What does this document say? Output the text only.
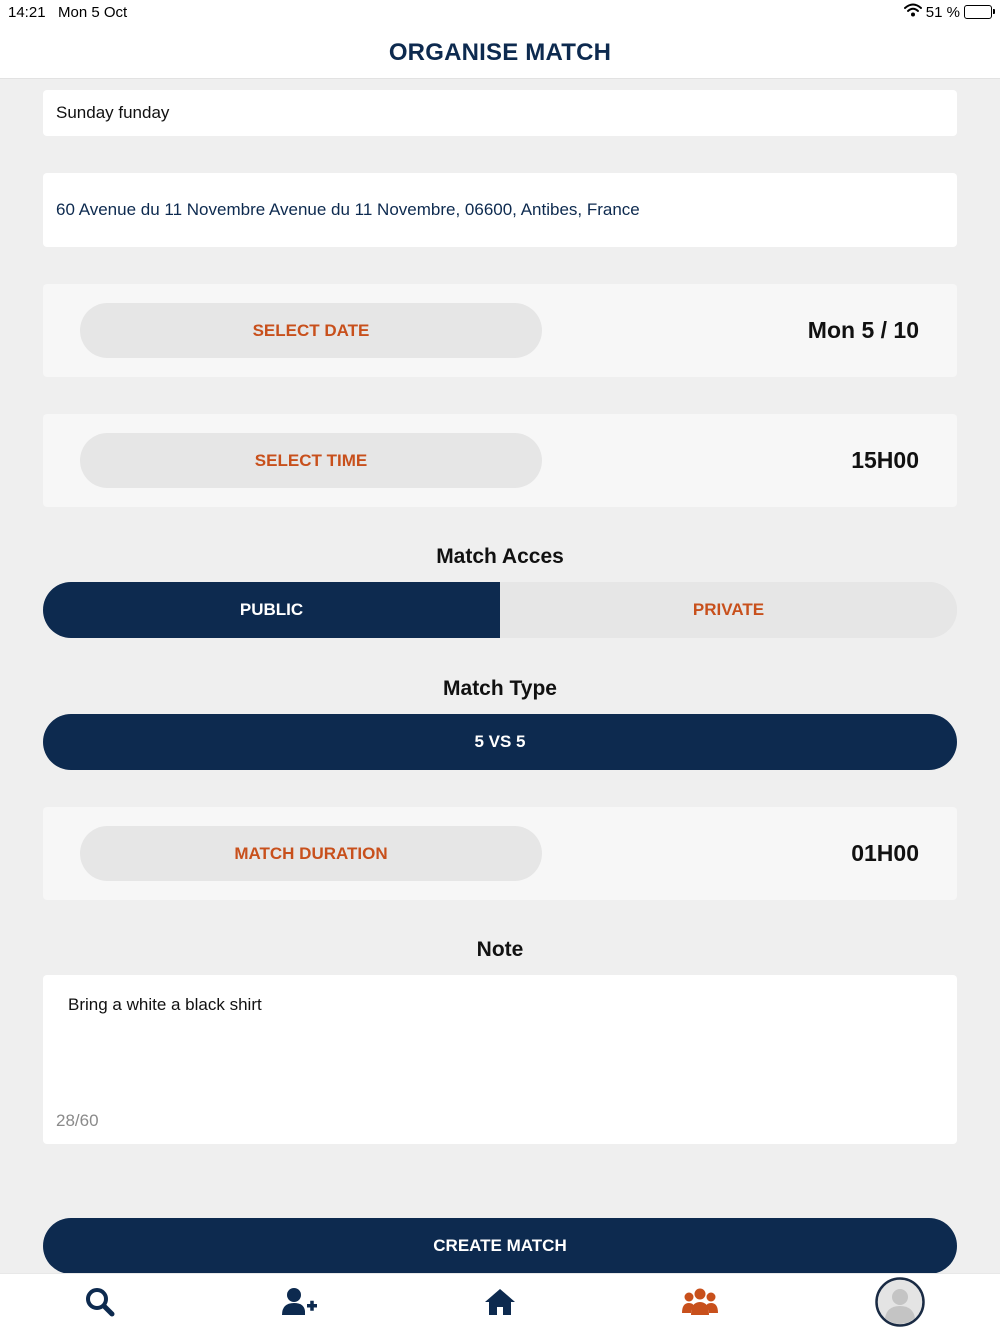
14:21 Mon 5 Oct	51 %
ORGANISE MATCH
Sunday funday
60 Avenue du 11 Novembre Avenue du 11 Novembre, 06600, Antibes, France
SELECT DATE	Mon 5 / 10
SELECT TIME	15H00
Match Acces
PUBLIC	PRIVATE
Match Type
5 VS 5
MATCH DURATION	01H00
Note
Bring a white a black shirt
28/60
CREATE MATCH
